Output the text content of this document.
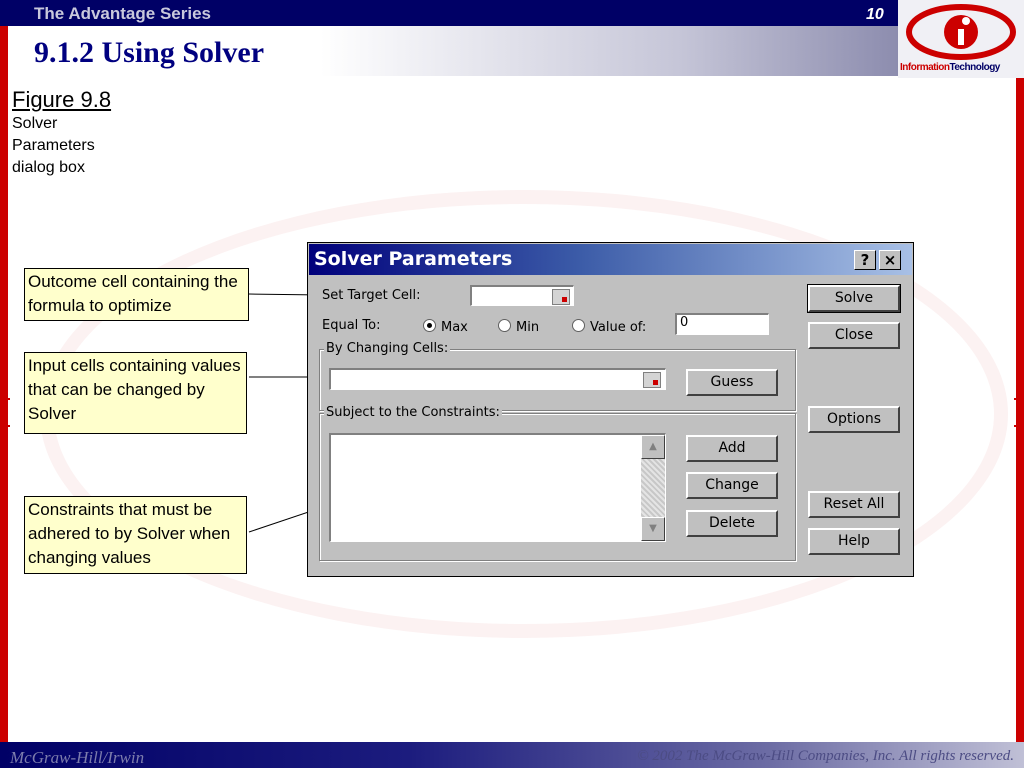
The Advantage Series	10
9.1.2 Using Solver	InformationTechnology
Figure 9.8
Solver
Parameters
dialog box
Outcome cell containing the formula to optimize
Input cells containing values that can be changed by Solver
Constraints that must be adhered to by Solver when changing values
Solver Parameters	? ×
Set Target Cell:
Equal To:	Max	Min	Value of:	0
By Changing Cells:
Subject to the Constraints:
▲
▼
Solve
Close
Guess
Options
Add
Change
Delete
Reset All
Help
McGraw-Hill/Irwin	© 2002 The McGraw-Hill Companies, Inc. All rights reserved.
